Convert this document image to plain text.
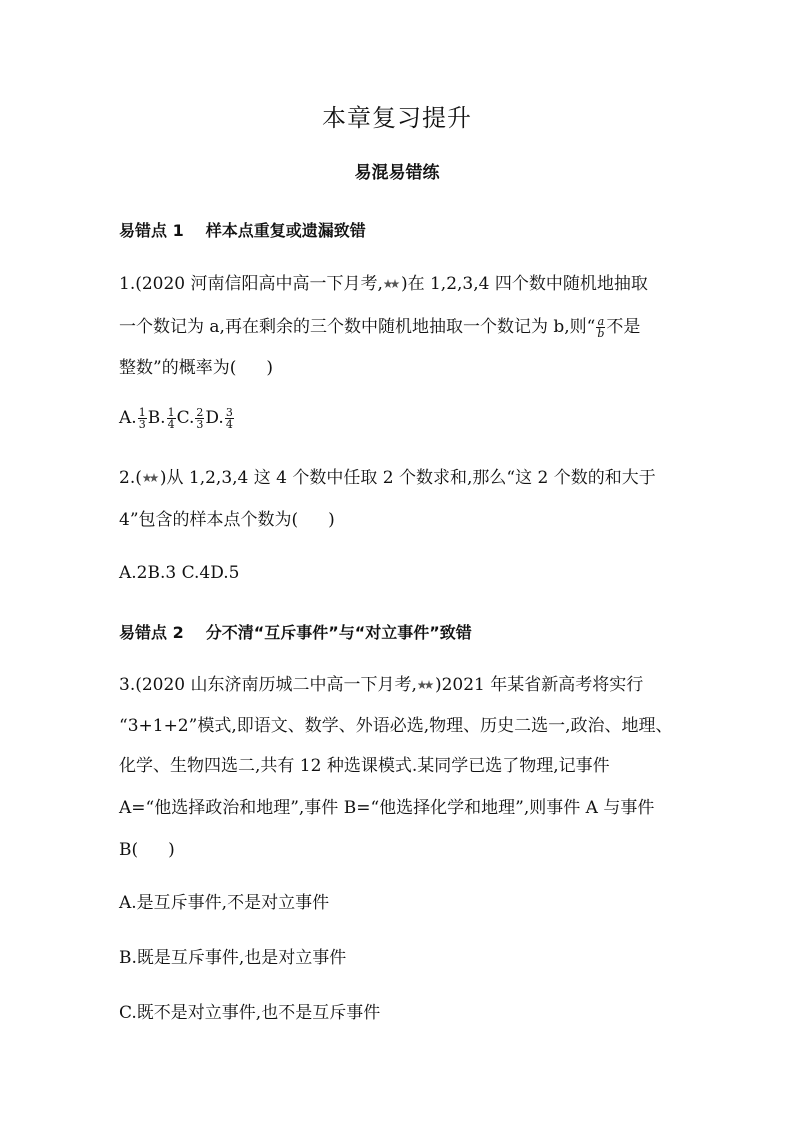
本章复习提升
易混易错练
易错点 1 样本点重复或遗漏致错
1.(2020 河南信阳高中高一下月考, )在 1,2,3,4 四个数中随机地抽取
一个数记为 a,再在剩余的三个数中随机地抽取一个数记为 b,则“ $\frac{a}{b}$ 不是
整数”的概率为( )
A. $\frac{1}{3} B$. $\frac{1}{4} C$. $\frac{2}{3} D$. $\frac{3}{4}$
2.( )从 1,2,3,4 这 4 个数中任取 2 个数求和,那么“这 2 个数的和大于
4”包含的样本点个数为( )
A.2B.3 C.4D.5
易错点 2 分不清“互斥事件”与“对立事件”致错
3.(2020 山东济南历城二中高一下月考, )2021 年某省新高考将实行
“3+1+2”模式,即语文、数学、外语必选,物理、历史二选一,政治、地理、
化学、生物四选二,共有 12 种选课模式.某同学已选了物理,记事件
A=“他选择政治和地理”,事件 B=“他选择化学和地理”,则事件 A 与事件
B( )
A.是互斥事件,不是对立事件
B.既是互斥事件,也是对立事件
C.既不是对立事件,也不是互斥事件
